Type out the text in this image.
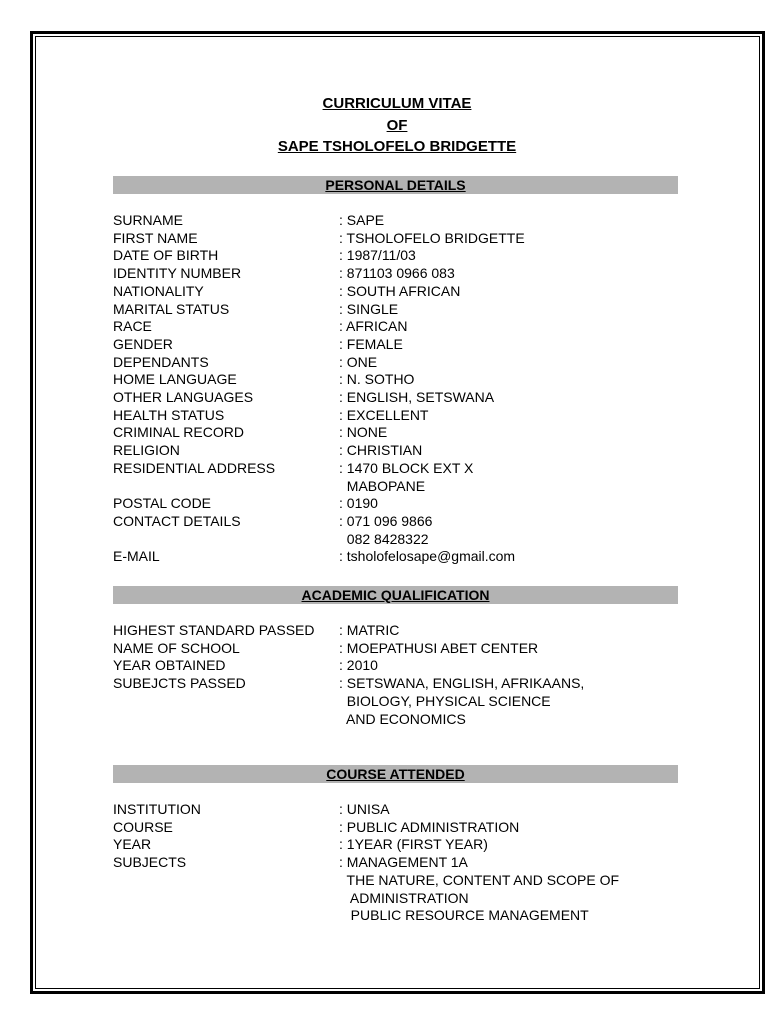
CURRICULUM VITAE
OF
SAPE TSHOLOFELO BRIDGETTE
PERSONAL DETAILS
SURNAME	: SAPE
FIRST NAME	: TSHOLOFELO BRIDGETTE
DATE OF BIRTH	: 1987/11/03
IDENTITY NUMBER	: 871103 0966 083
NATIONALITY	: SOUTH AFRICAN
MARITAL STATUS	: SINGLE
RACE	: AFRICAN
GENDER	: FEMALE
DEPENDANTS	: ONE
HOME LANGUAGE	: N. SOTHO
OTHER LANGUAGES	: ENGLISH, SETSWANA
HEALTH STATUS	: EXCELLENT
CRIMINAL RECORD	: NONE
RELIGION	: CHRISTIAN
RESIDENTIAL ADDRESS	: 1470 BLOCK EXT X
MABOPANE
POSTAL CODE	: 0190
CONTACT DETAILS	: 071 096 9866
082 8428322
E-MAIL	: tsholofelosape@gmail.com
ACADEMIC QUALIFICATION
HIGHEST STANDARD PASSED	: MATRIC
NAME OF SCHOOL	: MOEPATHUSI ABET CENTER
YEAR OBTAINED	: 2010
SUBEJCTS PASSED	: SETSWANA, ENGLISH, AFRIKAANS,
BIOLOGY, PHYSICAL SCIENCE
AND ECONOMICS
COURSE ATTENDED
INSTITUTION	: UNISA
COURSE	: PUBLIC ADMINISTRATION
YEAR	: 1YEAR (FIRST YEAR)
SUBJECTS	: MANAGEMENT 1A
THE NATURE, CONTENT AND SCOPE OF
ADMINISTRATION
PUBLIC RESOURCE MANAGEMENT
